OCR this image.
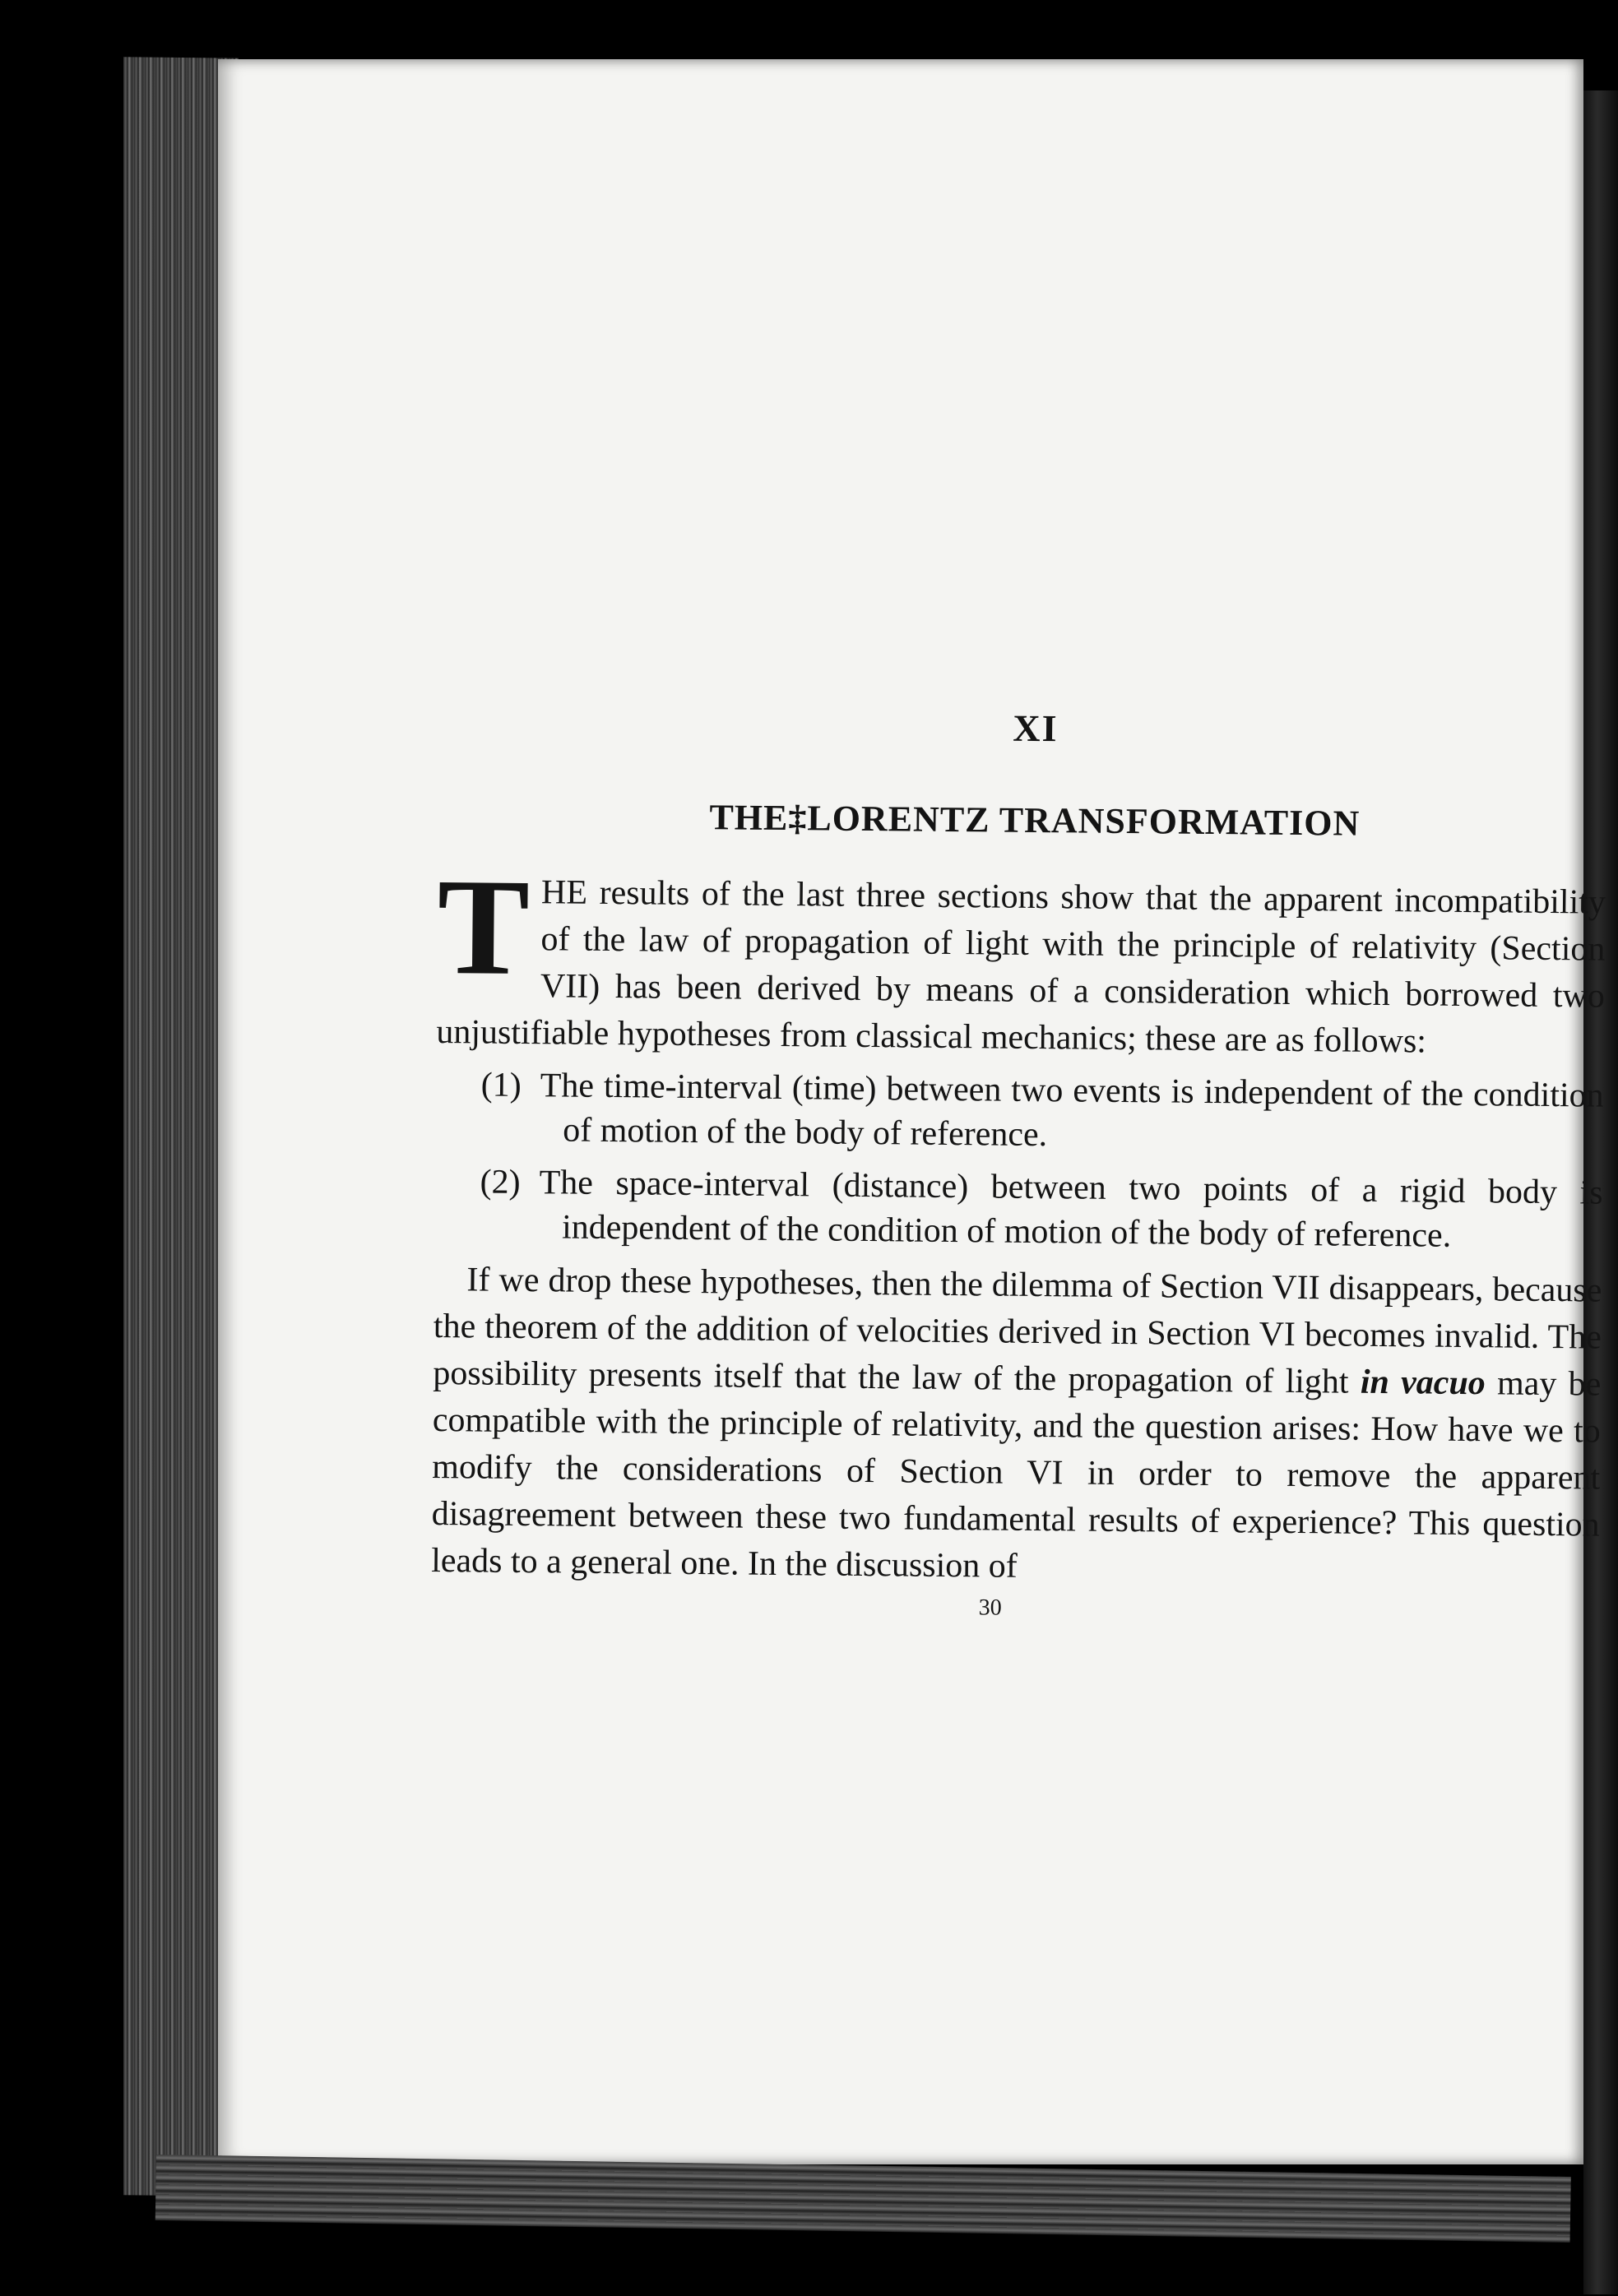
XI
THE‡LORENTZ TRANSFORMATION

THE results of the last three sections show that the apparent incompatibility of the law of propagation of light with the principle of relativity (Section VII) has been derived by means of a consideration which borrowed two unjustifiable hypotheses from classical mechanics; these are as follows:

(1) The time-interval (time) between two events is independent of the condition of motion of the body of reference.
(2) The space-interval (distance) between two points of a rigid body is independent of the condition of motion of the body of reference.

If we drop these hypotheses, then the dilemma of Section VII disappears, because the theorem of the addition of velocities derived in Section VI becomes invalid. The possibility presents itself that the law of the propagation of light in vacuo may be compatible with the principle of relativity, and the question arises: How have we to modify the considerations of Section VI in order to remove the apparent disagreement between these two fundamental results of experience? This question leads to a general one. In the discussion of

30
